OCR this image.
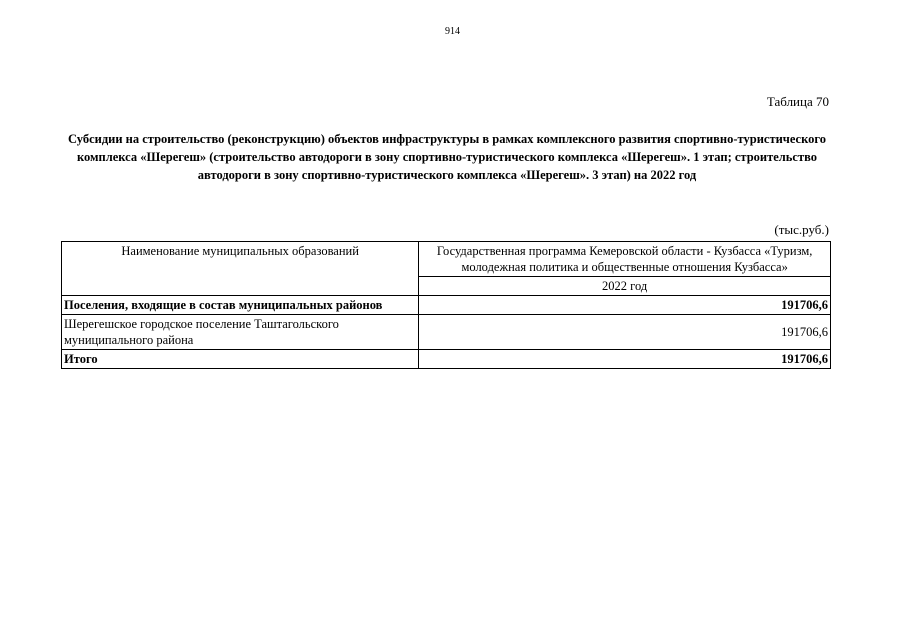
914
Таблица 70
Субсидии на строительство (реконструкцию) объектов инфраструктуры в рамках комплексного развития спортивно-туристического комплекса «Шерегеш» (строительство автодороги в зону спортивно-туристического комплекса «Шерегеш». 1 этап; строительство автодороги в зону спортивно-туристического комплекса «Шерегеш». 3 этап) на 2022 год
(тыс.руб.)
Наименование муниципальных образований	Государственная программа Кемеровской области - Кузбасса «Туризм, молодежная политика и общественные отношения Кузбасса»
	2022 год
Поселения, входящие в состав муниципальных районов	191706,6
Шерегешское городское поселение Таштагольского муниципального района	191706,6
Итого	191706,6
